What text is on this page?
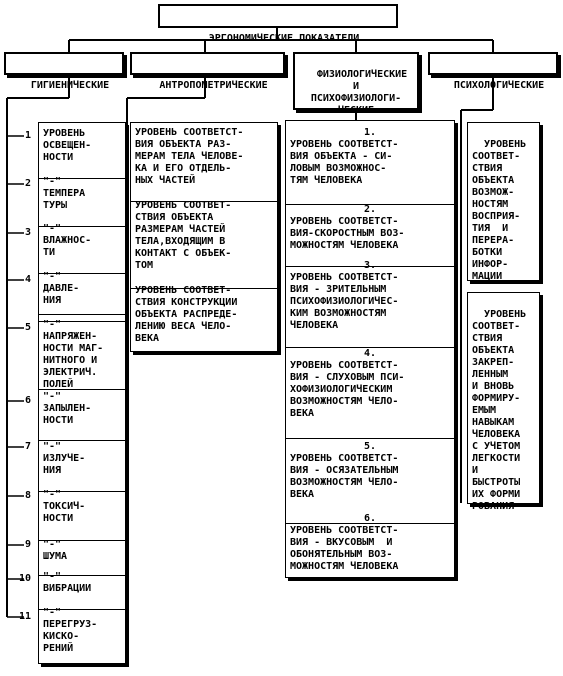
ЭРГОНОМИЧЕСКИЕ ПОКАЗАТЕЛИ

ГИГИЕНИЧЕСКИЕ	АНТРОПОМЕТРИЧЕСКИЕ

ФИЗИОЛОГИЧЕСКИЕ
И
ПСИХОФИЗИОЛОГИ-
ЧЕСКИЕ

ПСИХОЛОГИЧЕСКИЕ

1
2
3
4
5
6
7
8
9
10
11

УРОВЕНЬ
ОСВЕЩЕН-
НОСТИ

"-"
ТЕМПЕРА
ТУРЫ

"-"
ВЛАЖНОС-
ТИ

"-"
ДАВЛЕ-
НИЯ

"-"
НАПРЯЖЕН-
НОСТИ МАГ-
НИТНОГО И
ЭЛЕКТРИЧ.
ПОЛЕЙ

"-"
ЗАПЫЛЕН-
НОСТИ

"-"
ИЗЛУЧЕ-
НИЯ

"-"
ТОКСИЧ-
НОСТИ

"-"
ШУМА

"-"
ВИБРАЦИИ

"-"
ПЕРЕГРУЗ-
КИСКО-
РЕНИЙ

УРОВЕНЬ СООТВЕТСТ-
ВИЯ ОБЪЕКТА РАЗ-
МЕРАМ ТЕЛА ЧЕЛОВЕ-
КА И ЕГО ОТДЕЛЬ-
НЫХ ЧАСТЕЙ

УРОВЕНЬ СООТВЕТ-
СТВИЯ ОБЪЕКТА
РАЗМЕРАМ ЧАСТЕЙ
ТЕЛА,ВХОДЯЩИМ В
КОНТАКТ С ОБЪЕК-
ТОМ

УРОВЕНЬ СООТВЕТ-
СТВИЯ КОНСТРУКЦИИ
ОБЪЕКТА РАСПРЕДЕ-
ЛЕНИЮ ВЕСА ЧЕЛО-
ВЕКА

1.
УРОВЕНЬ СООТВЕТСТ-
ВИЯ ОБЪЕКТА - СИ-
ЛОВЫМ ВОЗМОЖНОС-
ТЯМ ЧЕЛОВЕКА

2.
УРОВЕНЬ СООТВЕТСТ-
ВИЯ-СКОРОСТНЫМ ВОЗ-
МОЖНОСТЯМ ЧЕЛОВЕКА

3.
УРОВЕНЬ СООТВЕТСТ-
ВИЯ - ЗРИТЕЛЬНЫМ
ПСИХОФИЗИОЛОГИЧЕС-
КИМ ВОЗМОЖНОСТЯМ
ЧЕЛОВЕКА

4.
УРОВЕНЬ СООТВЕТСТ-
ВИЯ - СЛУХОВЫМ ПСИ-
ХОФИЗИОЛОГИЧЕСКИМ
ВОЗМОЖНОСТЯМ ЧЕЛО-
ВЕКА

5.
УРОВЕНЬ СООТВЕТСТ-
ВИЯ - ОСЯЗАТЕЛЬНЫМ
ВОЗМОЖНОСТЯМ ЧЕЛО-
ВЕКА

6.
УРОВЕНЬ СООТВЕТСТ-
ВИЯ - ВКУСОВЫМ  И
ОБОНЯТЕЛЬНЫМ ВОЗ-
МОЖНОСТЯМ ЧЕЛОВЕКА

УРОВЕНЬ
СООТВЕТ-
СТВИЯ
ОБЪЕКТА
ВОЗМОЖ-
НОСТЯМ
ВОСПРИЯ-
ТИЯ  И
ПЕРЕРА-
БОТКИ
ИНФОР-
МАЦИИ

УРОВЕНЬ
СООТВЕТ-
СТВИЯ
ОБЪЕКТА
ЗАКРЕП-
ЛЕННЫМ
И ВНОВЬ
ФОРМИРУ-
ЕМЫМ
НАВЫКАМ
ЧЕЛОВЕКА
С УЧЕТОМ
ЛЕГКОСТИ
И
БЫСТРОТЫ
ИХ ФОРМИ
РОВАНИЯ
